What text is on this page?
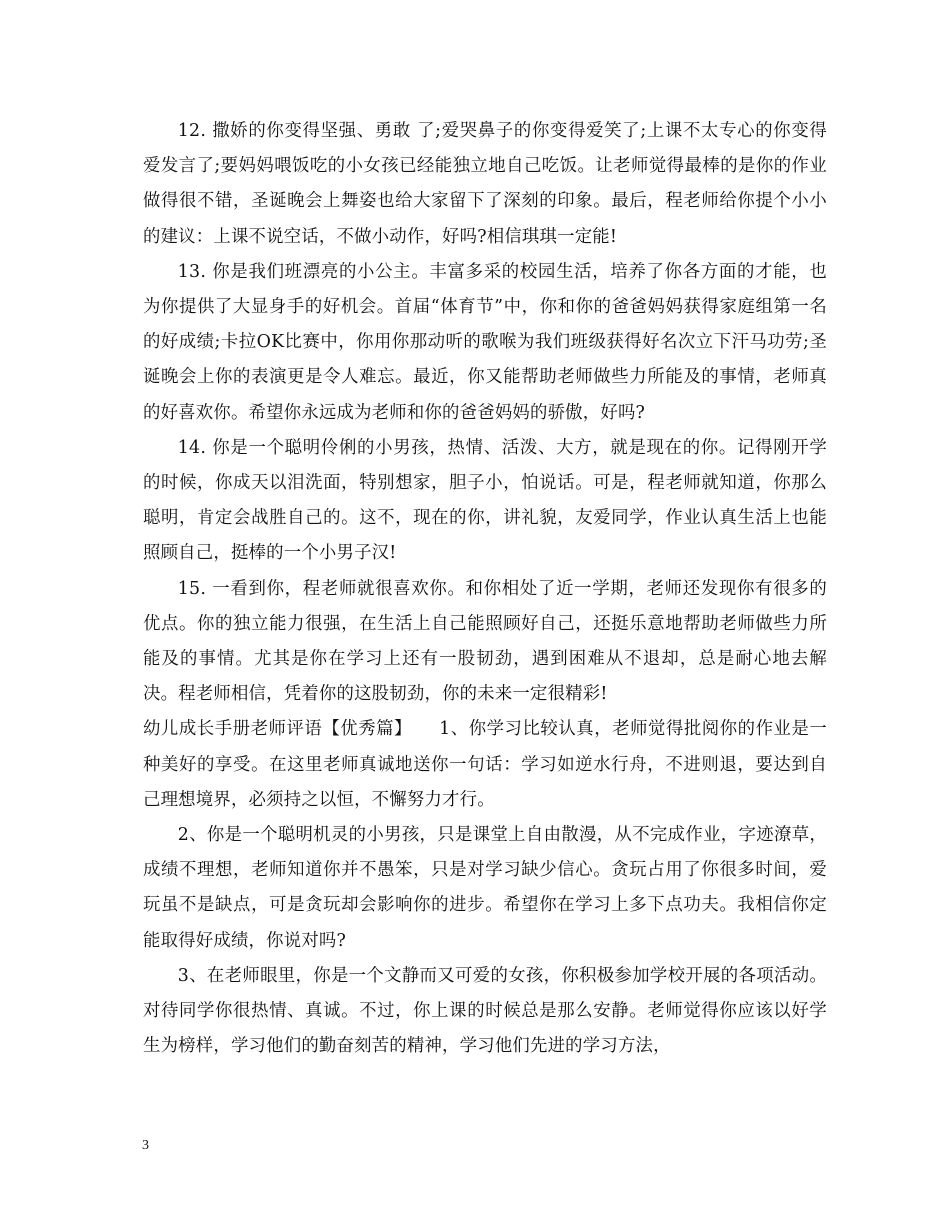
12. 撒娇的你变得坚强、勇敢 了;爱哭鼻子的你变得爱笑了;上课不太专心的你变得爱发言了;要妈妈喂饭吃的小女孩已经能独立地自己吃饭。让老师觉得最棒的是你的作业做得很不错，圣诞晚会上舞姿也给大家留下了深刻的印象。最后，程老师给你提个小小的建议：上课不说空话，不做小动作，好吗?相信琪琪一定能!

13. 你是我们班漂亮的小公主。丰富多采的校园生活，培养了你各方面的才能，也为你提供了大显身手的好机会。首届“体育节”中，你和你的爸爸妈妈获得家庭组第一名的好成绩;卡拉OK比赛中，你用你那动听的歌喉为我们班级获得好名次立下汗马功劳;圣诞晚会上你的表演更是令人难忘。最近，你又能帮助老师做些力所能及的事情，老师真的好喜欢你。希望你永远成为老师和你的爸爸妈妈的骄傲，好吗?

14. 你是一个聪明伶俐的小男孩，热情、活泼、大方，就是现在的你。记得刚开学的时候，你成天以泪洗面，特别想家，胆子小，怕说话。可是，程老师就知道，你那么聪明，肯定会战胜自己的。这不，现在的你，讲礼貌，友爱同学，作业认真生活上也能照顾自己，挺棒的一个小男子汉!

15. 一看到你，程老师就很喜欢你。和你相处了近一学期，老师还发现你有很多的优点。你的独立能力很强，在生活上自己能照顾好自己，还挺乐意地帮助老师做些力所能及的事情。尤其是你在学习上还有一股韧劲，遇到困难从不退却，总是耐心地去解决。程老师相信，凭着你的这股韧劲，你的未来一定很精彩!

幼儿成长手册老师评语【优秀篇】　　1、你学习比较认真，老师觉得批阅你的作业是一种美好的享受。在这里老师真诚地送你一句话：学习如逆水行舟，不进则退，要达到自己理想境界，必须持之以恒，不懈努力才行。

2、你是一个聪明机灵的小男孩，只是课堂上自由散漫，从不完成作业，字迹潦草，成绩不理想，老师知道你并不愚笨，只是对学习缺少信心。贪玩占用了你很多时间，爱玩虽不是缺点，可是贪玩却会影响你的进步。希望你在学习上多下点功夫。我相信你定能取得好成绩，你说对吗?

3、在老师眼里，你是一个文静而又可爱的女孩，你积极参加学校开展的各项活动。对待同学你很热情、真诚。不过，你上课的时候总是那么安静。老师觉得你应该以好学生为榜样，学习他们的勤奋刻苦的精神，学习他们先进的学习方法，

3
